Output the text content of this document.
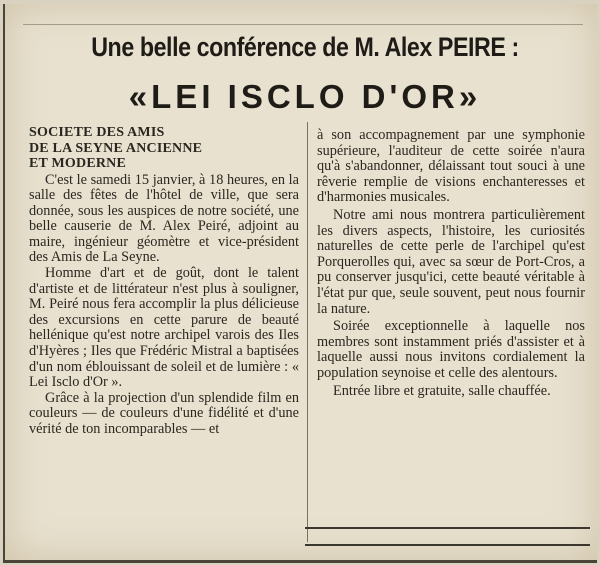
Une belle conférence de M. Alex PEIRE :
«LEI ISCLO D'OR»

SOCIETE DES AMIS

DE LA SEYNE ANCIENNE

ET MODERNE

C'est le samedi 15 janvier, à 18 heures, en la salle des fêtes de l'hôtel de ville, que sera donnée, sous les auspices de notre société, une belle causerie de M. Alex Peiré, adjoint au maire, ingénieur géomètre et vice-président des Amis de La Seyne.

Homme d'art et de goût, dont le talent d'artiste et de littérateur n'est plus à souligner, M. Peiré nous fera accomplir la plus délicieuse des excursions en cette parure de beauté hellénique qu'est notre archipel varois des Iles d'Hyères ; Iles que Frédéric Mistral a baptisées d'un nom éblouissant de soleil et de lumière : « Lei Isclo d'Or ».

Grâce à la projection d'un splendide film en couleurs — de couleurs d'une fidélité et d'une vérité de ton incomparables — et

à son accompagnement par une symphonie supérieure, l'auditeur de cette soirée n'aura qu'à s'abandonner, délaissant tout souci à une rêverie remplie de visions enchanteresses et d'harmonies musicales.

Notre ami nous montrera particulièrement les divers aspects, l'histoire, les curiosités naturelles de cette perle de l'archipel qu'est Porquerolles qui, avec sa sœur de Port-Cros, a pu conserver jusqu'ici, cette beauté véritable à l'état pur que, seule souvent, peut nous fournir la nature.

Soirée exceptionnelle à laquelle nos membres sont instamment priés d'assister et à laquelle aussi nous invitons cordialement la population seynoise et celle des alentours.

Entrée libre et gratuite, salle chauffée.
